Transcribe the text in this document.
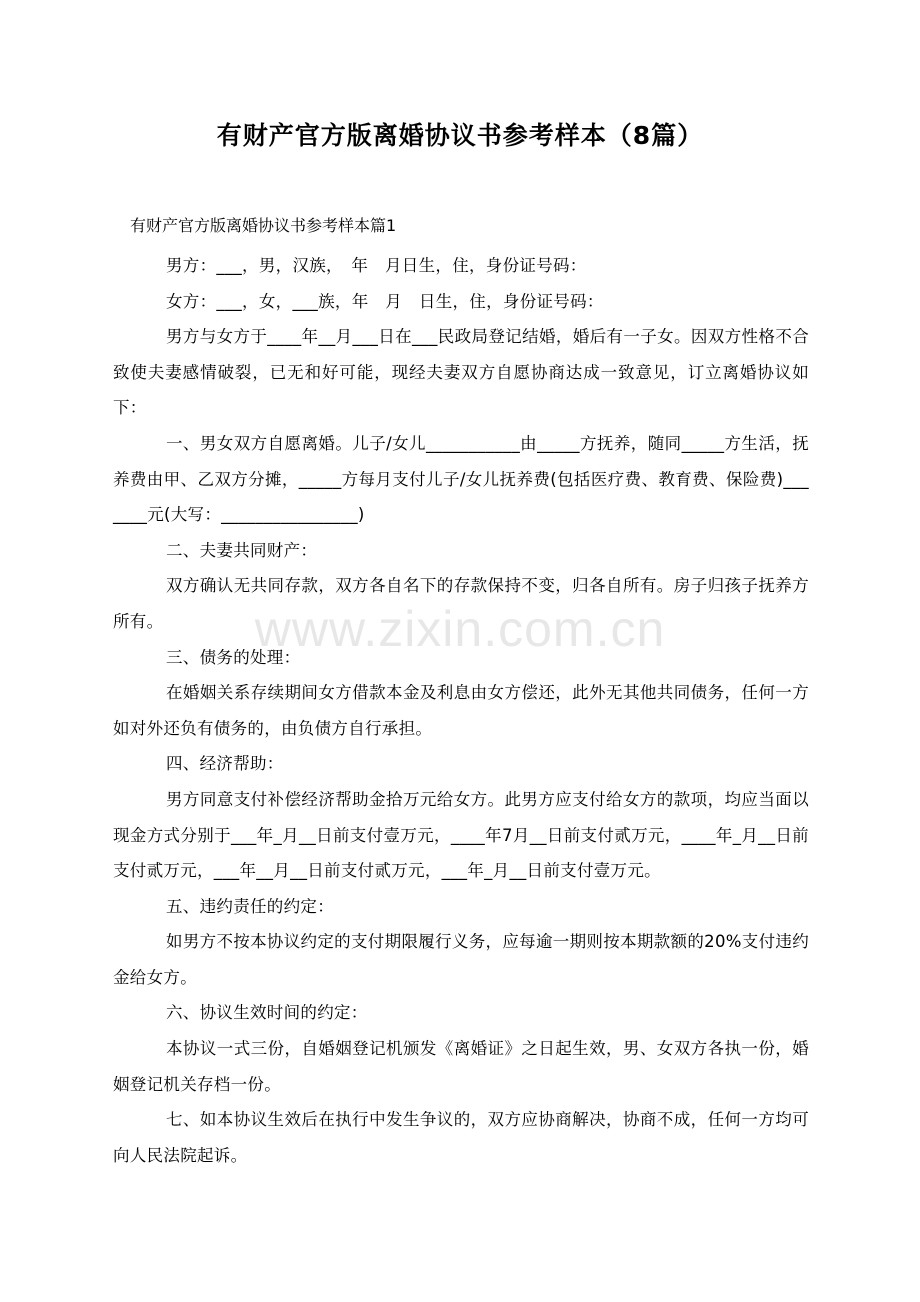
有财产官方版离婚协议书参考样本（8篇）

有财产官方版离婚协议书参考样本篇1

男方：___，男，汉族，　年　月日生，住，身份证号码：

女方：___，女，___族，年　月　日生，住，身份证号码：

男方与女方于____年__月___日在___民政局登记结婚，婚后有一子女。因双方性格不合致使夫妻感情破裂，已无和好可能，现经夫妻双方自愿协商达成一致意见，订立离婚协议如下：

一、男女双方自愿离婚。儿子/女儿___________由_____方抚养，随同_____方生活，抚养费由甲、乙双方分摊，_____方每月支付儿子/女儿抚养费(包括医疗费、教育费、保险费)_______元(大写：________________)

二、夫妻共同财产：

双方确认无共同存款，双方各自名下的存款保持不变，归各自所有。房子归孩子抚养方所有。

三、债务的处理：

在婚姻关系存续期间女方借款本金及利息由女方偿还，此外无其他共同债务，任何一方如对外还负有债务的，由负债方自行承担。

四、经济帮助：

男方同意支付补偿经济帮助金拾万元给女方。此男方应支付给女方的款项，均应当面以现金方式分别于___年_月__日前支付壹万元，____年7月__日前支付贰万元，____年_月__日前支付贰万元，___年__月__日前支付贰万元，___年_月__日前支付壹万元。

五、违约责任的约定：

如男方不按本协议约定的支付期限履行义务，应每逾一期则按本期款额的20%支付违约金给女方。

六、协议生效时间的约定：

本协议一式三份，自婚姻登记机颁发《离婚证》之日起生效，男、女双方各执一份，婚姻登记机关存档一份。

七、如本协议生效后在执行中发生争议的，双方应协商解决，协商不成，任何一方均可向人民法院起诉。

www.zixin.com.cn
